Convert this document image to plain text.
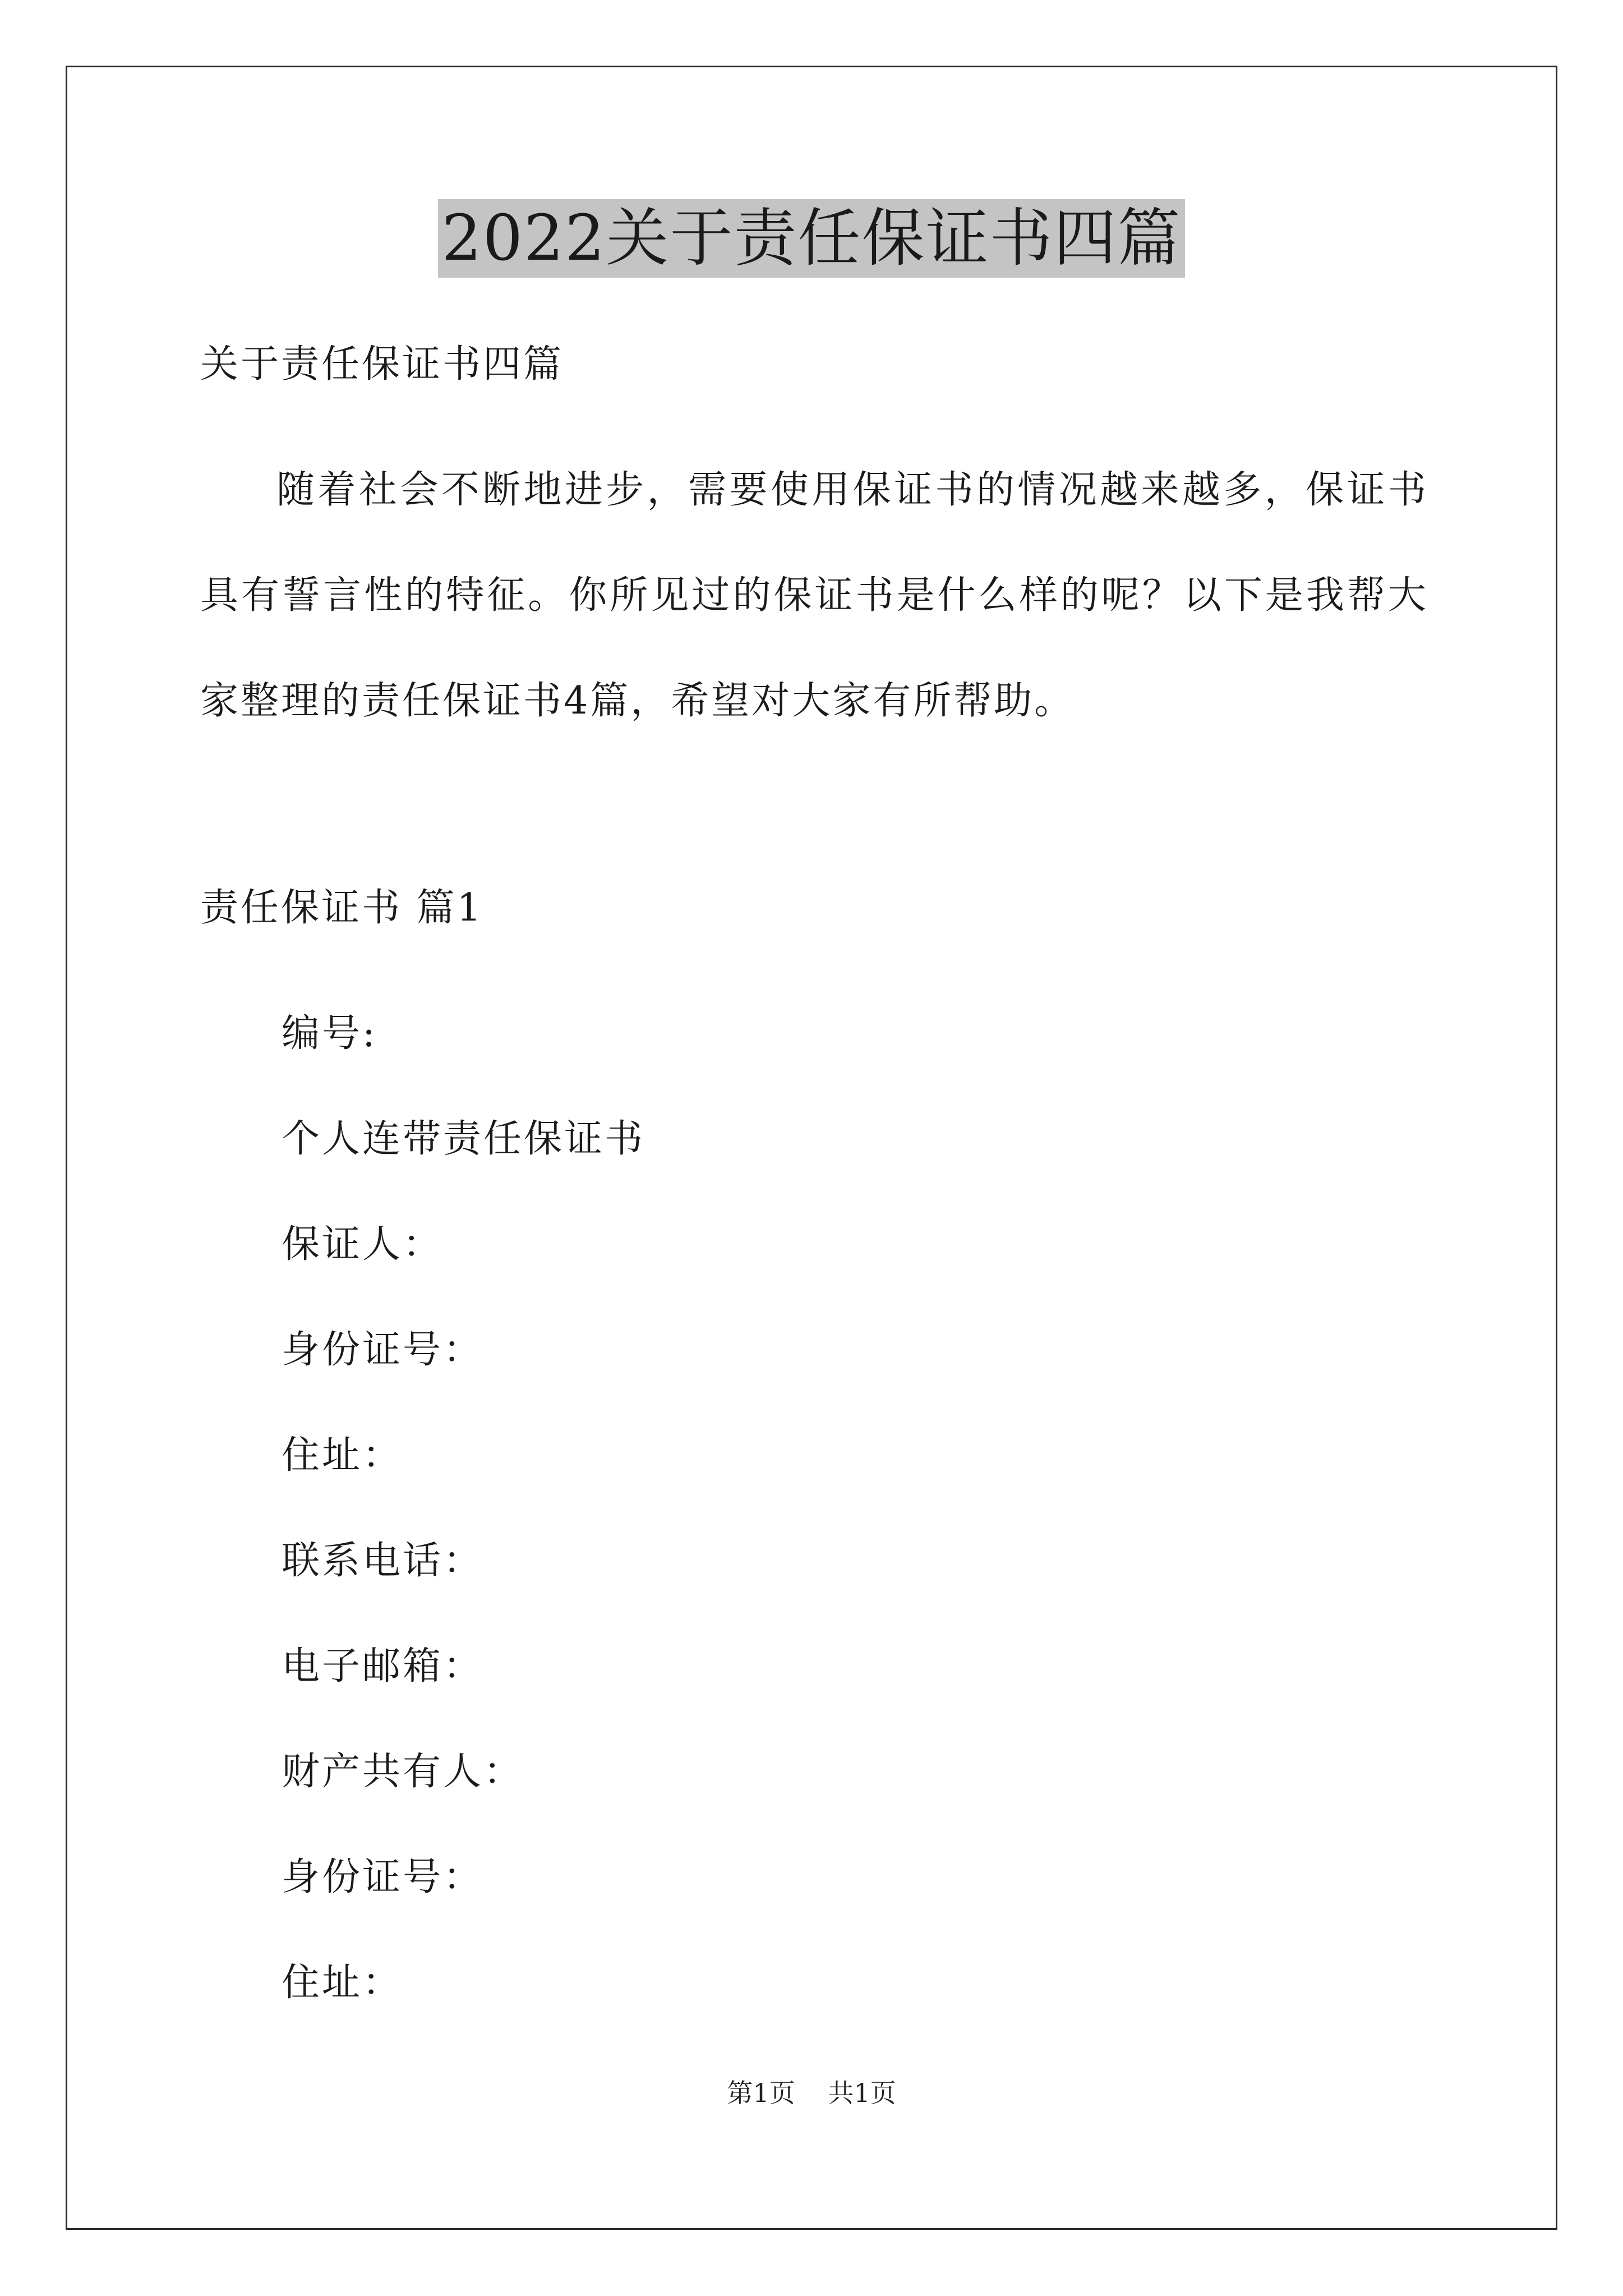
2022关于责任保证书四篇
关于责任保证书四篇
随着社会不断地进步，需要使用保证书的情况越来越多，保证书具有誓言性的特征。你所见过的保证书是什么样的呢？以下是我帮大家整理的责任保证书4篇，希望对大家有所帮助。
责任保证书 篇1
编号:
个人连带责任保证书
保证人：
身份证号：
住址：
联系电话：
电子邮箱：
财产共有人：
身份证号：
住址：
第1页 共1页
